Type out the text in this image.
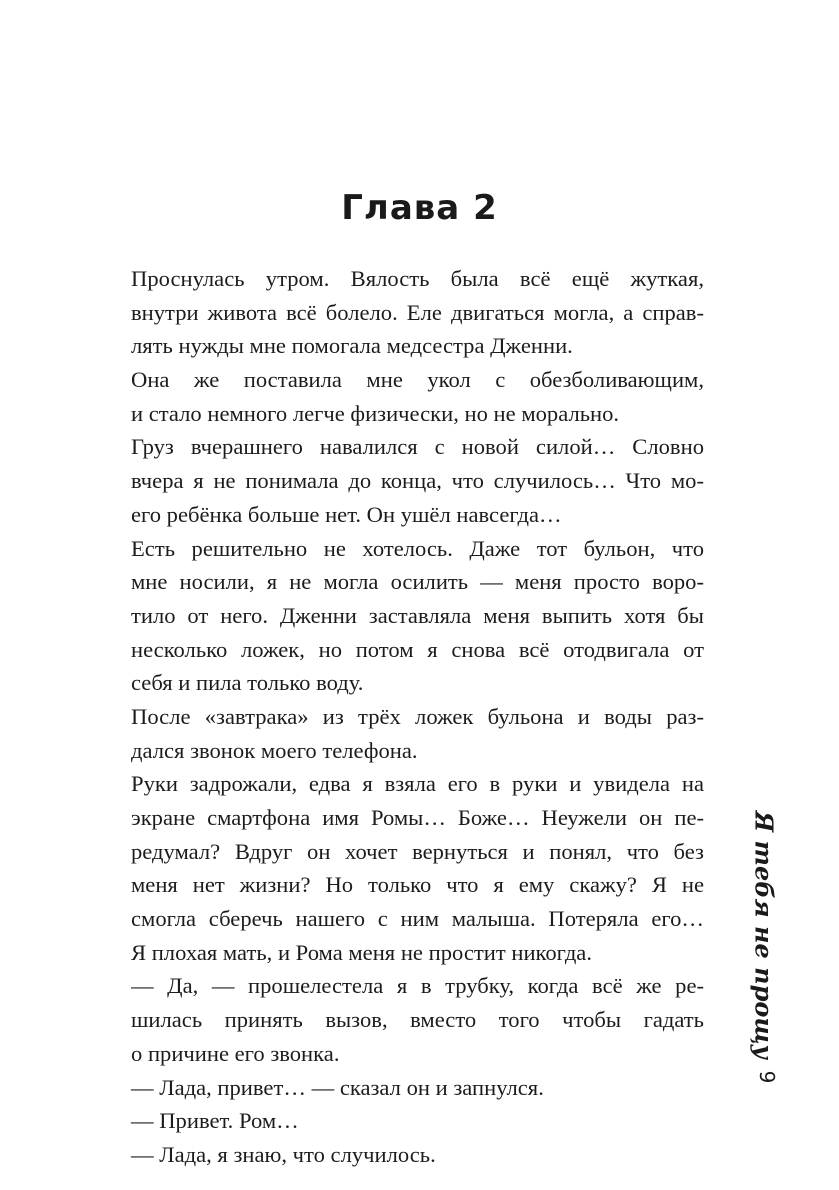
Глава 2
Проснулась утром. Вялость была всё ещё жуткая,
внутри живота всё болело. Еле двигаться могла, а справ-
лять нужды мне помогала медсестра Дженни.
Она же поставила мне укол с обезболивающим,
и стало немного легче физически, но не морально.
Груз вчерашнего навалился с новой силой… Словно
вчера я не понимала до конца, что случилось… Что мо-
его ребёнка больше нет. Он ушёл навсегда…
Есть решительно не хотелось. Даже тот бульон, что
мне носили, я не могла осилить — меня просто воро-
тило от него. Дженни заставляла меня выпить хотя бы
несколько ложек, но потом я снова всё отодвигала от
себя и пила только воду.
После «завтрака» из трёх ложек бульона и воды раз-
дался звонок моего телефона.
Руки задрожали, едва я взяла его в руки и увидела на
экране смартфона имя Ромы… Боже… Неужели он пе-
редумал? Вдруг он хочет вернуться и понял, что без
меня нет жизни? Но только что я ему скажу? Я не
смогла сберечь нашего с ним малыша. Потеряла его…
Я плохая мать, и Рома меня не простит никогда.
— Да, — прошелестела я в трубку, когда всё же ре-
шилась принять вызов, вместо того чтобы гадать
о причине его звонка.
— Лада, привет… — сказал он и запнулся.
— Привет. Ром…
— Лада, я знаю, что случилось.
Я тебя не прощу
9
